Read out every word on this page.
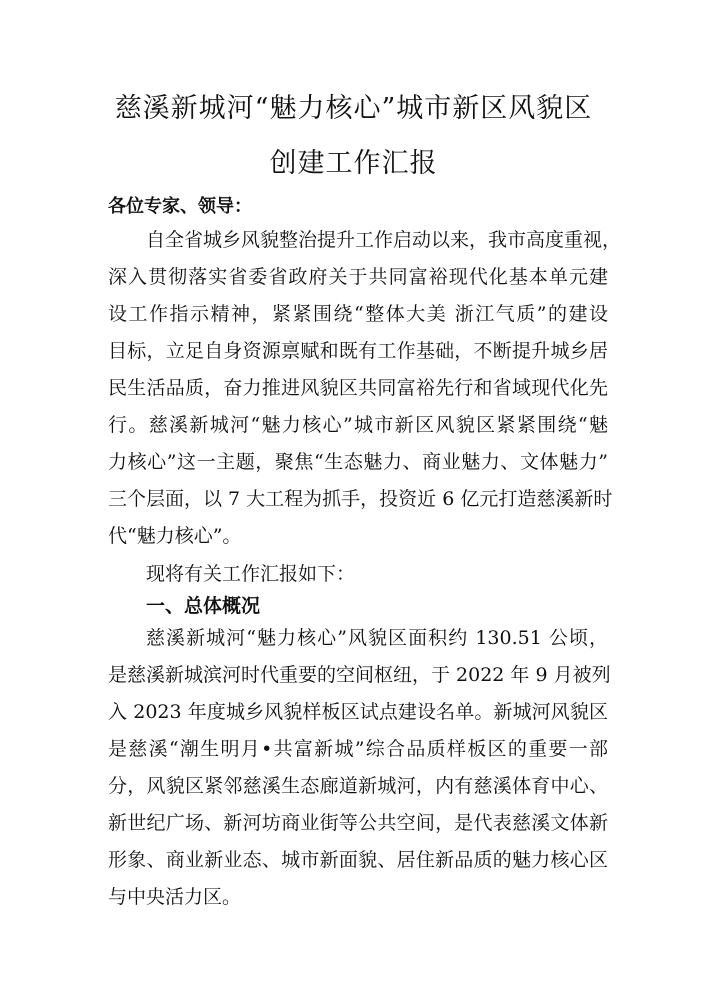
慈溪新城河“魅力核心”城市新区风貌区
创建工作汇报
各位专家、领导：
自全省城乡风貌整治提升工作启动以来，我市高度重视，
深入贯彻落实省委省政府关于共同富裕现代化基本单元建
设工作指示精神，紧紧围绕“整体大美 浙江气质”的建设
目标，立足自身资源禀赋和既有工作基础，不断提升城乡居
民生活品质，奋力推进风貌区共同富裕先行和省域现代化先
行。慈溪新城河“魅力核心”城市新区风貌区紧紧围绕“魅
力核心”这一主题，聚焦“生态魅力、商业魅力、文体魅力”
三个层面，以 7 大工程为抓手，投资近 6 亿元打造慈溪新时
代“魅力核心”。
现将有关工作汇报如下：
一、总体概况
慈溪新城河“魅力核心”风貌区面积约 130.51 公顷，
是慈溪新城滨河时代重要的空间枢纽，于 2022 年 9 月被列
入 2023 年度城乡风貌样板区试点建设名单。新城河风貌区
是慈溪“潮生明月•共富新城”综合品质样板区的重要一部
分，风貌区紧邻慈溪生态廊道新城河，内有慈溪体育中心、
新世纪广场、新河坊商业街等公共空间，是代表慈溪文体新
形象、商业新业态、城市新面貌、居住新品质的魅力核心区
与中央活力区。
